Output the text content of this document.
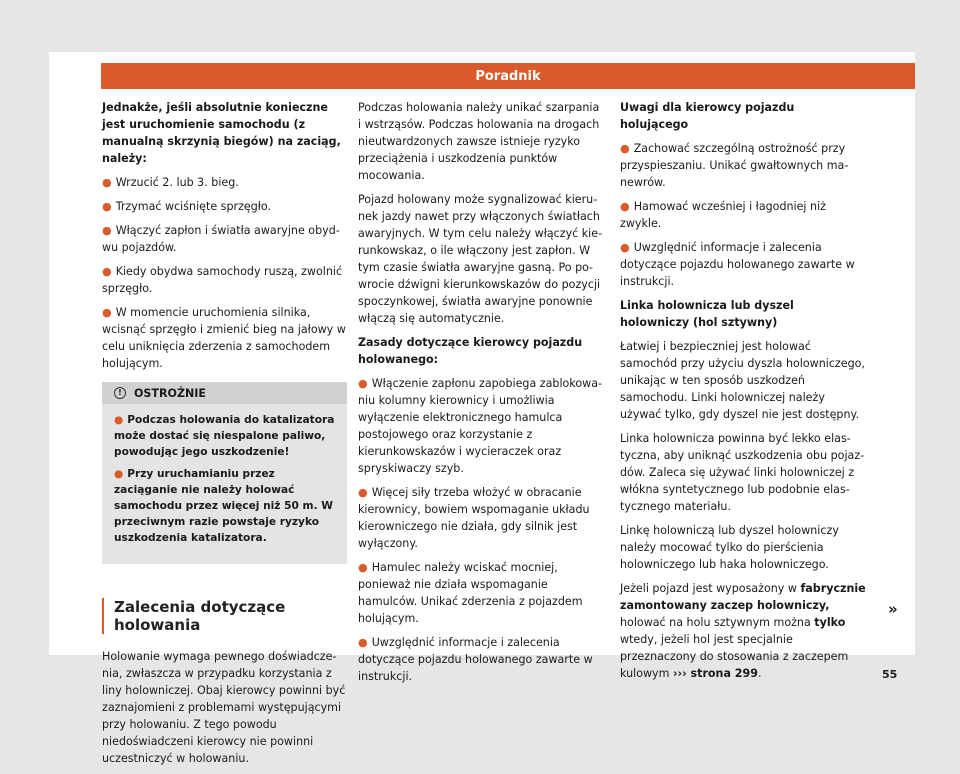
Poradnik

Jednakże, jeśli absolutnie konieczne jest uruchomienie samochodu (z manualną skrzynią biegów) na zaciąg, należy:

● Wrzucić 2. lub 3. bieg.
● Trzymać wciśnięte sprzęgło.
● Włączyć zapłon i światła awaryjne obydwu pojazdów.
● Kiedy obydwa samochody ruszą, zwolnić sprzęgło.
● W momencie uruchomienia silnika, wcisnąć sprzęgło i zmienić bieg na jałowy w celu uniknięcia zderzenia z samochodem holującym.
!	OSTROŻNIE
● Podczas holowania do katalizatora może dostać się niespalone paliwo, powodując jego uszkodzenie!
● Przy uruchamianiu przez zaciąganie nie należy holować samochodu przez więcej niż 50 m. W przeciwnym razie powstaje ryzyko uszkodzenia katalizatora.
Zalecenia dotyczące holowania

Holowanie wymaga pewnego doświadczenia, zwłaszcza w przypadku korzystania z liny holowniczej. Obaj kierowcy powinni być zaznajomieni z problemami występującymi przy holowaniu. Z tego powodu niedoświadczeni kierowcy nie powinni uczestniczyć w holowaniu.

Podczas holowania należy unikać szarpania i wstrząsów. Podczas holowania na drogach nieutwardzonych zawsze istnieje ryzyko przeciążenia i uszkodzenia punktów mocowania.

Pojazd holowany może sygnalizować kierunek jazdy nawet przy włączonych światłach awaryjnych. W tym celu należy włączyć kierunkowskaz, o ile włączony jest zapłon. W tym czasie światła awaryjne gasną. Po powrocie dźwigni kierunkowskazów do pozycji spoczynkowej, światła awaryjne ponownie włączą się automatycznie.

Zasady dotyczące kierowcy pojazdu holowanego:

● Włączenie zapłonu zapobiega zablokowaniu kolumny kierownicy i umożliwia wyłączenie elektronicznego hamulca postojowego oraz korzystanie z kierunkowskazów i wycieraczek oraz spryskiwaczy szyb.
● Więcej siły trzeba włożyć w obracanie kierownicy, bowiem wspomaganie układu kierowniczego nie działa, gdy silnik jest wyłączony.
● Hamulec należy wciskać mocniej, ponieważ nie działa wspomaganie hamulców. Unikać zderzenia z pojazdem holującym.
● Uwzględnić informacje i zalecenia dotyczące pojazdu holowanego zawarte w instrukcji.

Uwagi dla kierowcy pojazdu holującego

● Zachować szczególną ostrożność przy przyspieszaniu. Unikać gwałtownych manewrów.
● Hamować wcześniej i łagodniej niż zwykle.
● Uwzględnić informacje i zalecenia dotyczące pojazdu holowanego zawarte w instrukcji.

Linka holownicza lub dyszel holowniczy (hol sztywny)

Łatwiej i bezpieczniej jest holować samochód przy użyciu dyszla holowniczego, unikając w ten sposób uszkodzeń samochodu. Linki holowniczej należy używać tylko, gdy dyszel nie jest dostępny.

Linka holownicza powinna być lekko elastyczna, aby uniknąć uszkodzenia obu pojazdów. Zaleca się używać linki holowniczej z włókna syntetycznego lub podobnie elastycznego materiału.

Linkę holowniczą lub dyszel holowniczy należy mocować tylko do pierścienia holowniczego lub haka holowniczego.

Jeżeli pojazd jest wyposażony w fabrycznie zamontowany zaczep holowniczy, holować na holu sztywnym można tylko wtedy, jeżeli hol jest specjalnie przeznaczony do stosowania z zaczepem kulowym ››› strona 299.

»
55
